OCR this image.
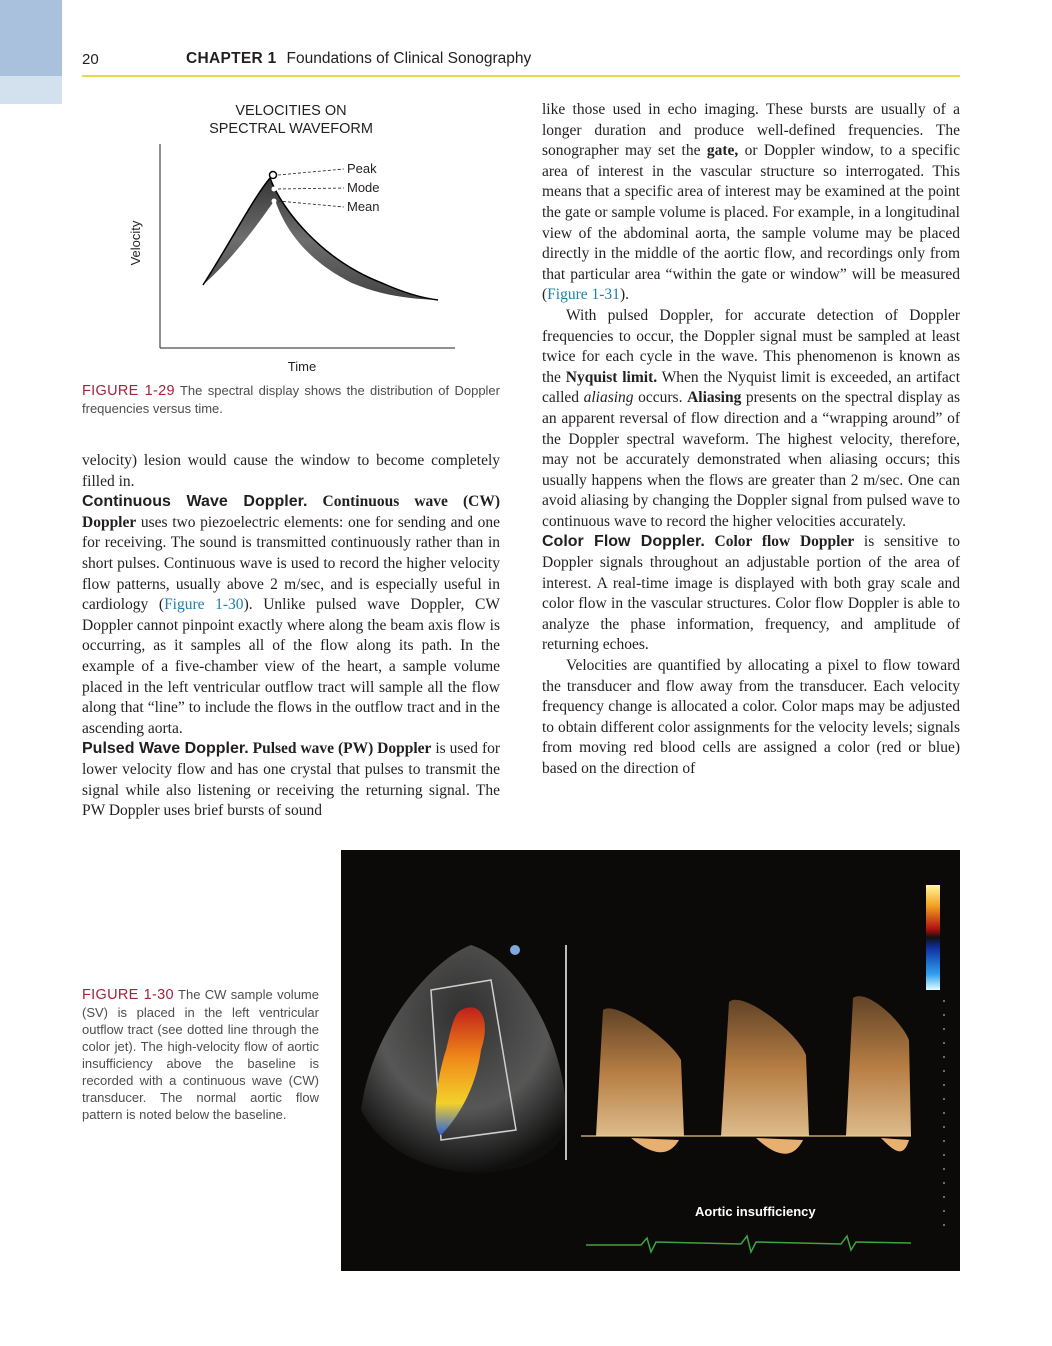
20	CHAPTER 1 Foundations of Clinical Sonography
VELOCITIES ON
SPECTRAL WAVEFORM
Peak
Mode
Mean
Velocity
Time
FIGURE 1-29 The spectral display shows the distribution of Doppler frequencies versus time.

velocity) lesion would cause the window to become completely filled in.

Continuous Wave Doppler. Continuous wave (CW) Doppler uses two piezoelectric elements: one for sending and one for receiving. The sound is transmitted continuously rather than in short pulses. Continuous wave is used to record the higher velocity flow patterns, usually above 2 m/sec, and is especially useful in cardiology (Figure 1-30). Unlike pulsed wave Doppler, CW Doppler cannot pinpoint exactly where along the beam axis flow is occurring, as it samples all of the flow along its path. In the example of a five-chamber view of the heart, a sample volume placed in the left ventricular outflow tract will sample all the flow along that “line” to include the flows in the outflow tract and in the ascending aorta.

Pulsed Wave Doppler. Pulsed wave (PW) Doppler is used for lower velocity flow and has one crystal that pulses to transmit the signal while also listening or receiving the returning signal. The PW Doppler uses brief bursts of sound

like those used in echo imaging. These bursts are usually of a longer duration and produce well-defined frequencies. The sonographer may set the gate, or Doppler window, to a specific area of interest in the vascular structure so interrogated. This means that a specific area of interest may be examined at the point the gate or sample volume is placed. For example, in a longitudinal view of the abdominal aorta, the sample volume may be placed directly in the middle of the aortic flow, and recordings only from that particular area “within the gate or window” will be measured (Figure 1-31).

With pulsed Doppler, for accurate detection of Doppler frequencies to occur, the Doppler signal must be sampled at least twice for each cycle in the wave. This phenomenon is known as the Nyquist limit. When the Nyquist limit is exceeded, an artifact called aliasing occurs. Aliasing presents on the spectral display as an apparent reversal of flow direction and a “wrapping around” of the Doppler spectral waveform. The highest velocity, therefore, may not be accurately demonstrated when aliasing occurs; this usually happens when the flows are greater than 2 m/sec. One can avoid aliasing by changing the Doppler signal from pulsed wave to continuous wave to record the higher velocities accurately.

Color Flow Doppler. Color flow Doppler is sensitive to Doppler signals throughout an adjustable portion of the area of interest. A real-time image is displayed with both gray scale and color flow in the vascular structures. Color flow Doppler is able to analyze the phase information, frequency, and amplitude of returning echoes.

Velocities are quantified by allocating a pixel to flow toward the transducer and flow away from the transducer. Each velocity frequency change is allocated a color. Color maps may be adjusted to obtain different color assignments for the velocity levels; signals from moving red blood cells are assigned a color (red or blue) based on the direction of

FIGURE 1-30 The CW sample volume (SV) is placed in the left ventricular outflow tract (see dotted line through the color jet). The high-velocity flow of aortic insufficiency above the baseline is recorded with a continuous wave (CW) transducer. The normal aortic flow pattern is noted below the baseline.
Aortic insufficiency
